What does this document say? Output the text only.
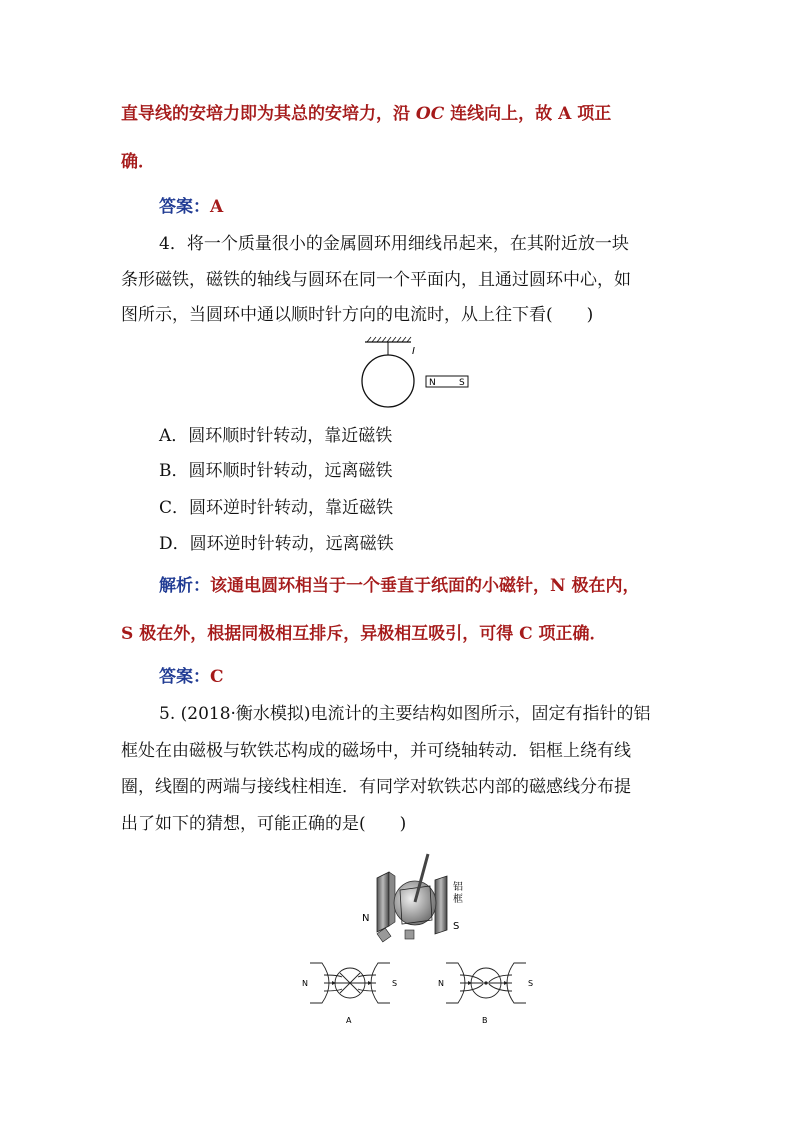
直导线的安培力即为其总的安培力，沿 OC 连线向上，故 A 项正
确．
答案：A
4．将一个质量很小的金属圆环用细线吊起来，在其附近放一块
条形磁铁，磁铁的轴线与圆环在同一个平面内，且通过圆环中心，如
图所示，当圆环中通以顺时针方向的电流时，从上往下看(　　)
I
N	S
A．圆环顺时针转动，靠近磁铁
B．圆环顺时针转动，远离磁铁
C．圆环逆时针转动，靠近磁铁
D．圆环逆时针转动，远离磁铁
解析：该通电圆环相当于一个垂直于纸面的小磁针，N 极在内，
S 极在外，根据同极相互排斥，异极相互吸引，可得 C 项正确．
答案：C
5. (2018·衡水模拟)电流计的主要结构如图所示，固定有指针的铝
框处在由磁极与软铁芯构成的磁场中，并可绕轴转动．铝框上绕有线
圈，线圈的两端与接线柱相连．有同学对软铁芯内部的磁感线分布提
出了如下的猜想，可能正确的是(　　)
N
S
铝
框
N	S
A
N	S
B
